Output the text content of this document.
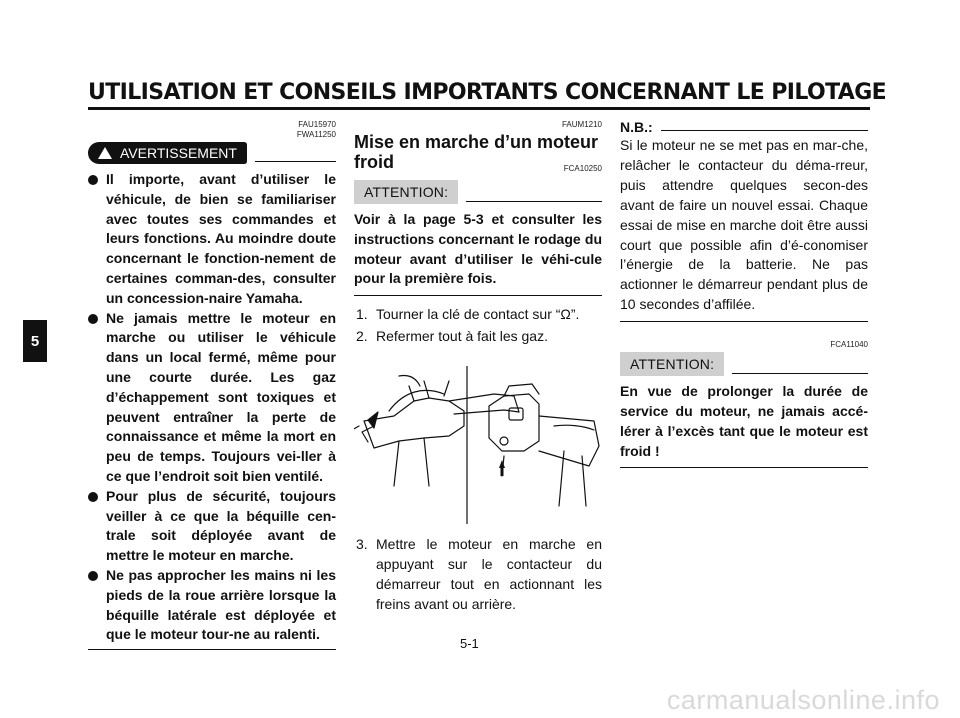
UTILISATION ET CONSEILS IMPORTANTS CONCERNANT LE PILOTAGE
5
FAU15970
FWA11250
AVERTISSEMENT
Il importe, avant d’utiliser le véhicule, de bien se familiariser avec toutes ses commandes et leurs fonctions. Au moindre doute concernant le fonction-nement de certaines comman-des, consulter un concession-naire Yamaha.
Ne jamais mettre le moteur en marche ou utiliser le véhicule dans un local fermé, même pour une courte durée. Les gaz d’échappement sont toxiques et peuvent entraîner la perte de connaissance et même la mort en peu de temps. Toujours vei-ller à ce que l’endroit soit bien ventilé.
Pour plus de sécurité, toujours veiller à ce que la béquille cen-trale soit déployée avant de mettre le moteur en marche.
Ne pas approcher les mains ni les pieds de la roue arrière lorsque la béquille latérale est déployée et que le moteur tour-ne au ralenti.
FAUM1210
Mise en marche d’un moteur froid	FCA10250
ATTENTION:

Voir à la page 5-3 et consulter les instructions concernant le rodage du moteur avant d’utiliser le véhi-cule pour la première fois.

1. Tourner la clé de contact sur “Ω”.
2. Refermer tout à fait les gaz.
3. Mettre le moteur en marche en appuyant sur le contacteur du démarreur tout en actionnant les freins avant ou arrière.
N.B.:

Si le moteur ne se met pas en mar-che, relâcher le contacteur du déma-rreur, puis attendre quelques secon-des avant de faire un nouvel essai. Chaque essai de mise en marche doit être aussi court que possible afin d’é-conomiser l’énergie de la batterie. Ne pas actionner le démarreur pendant plus de 10 secondes d’affilée.

FCA11040
ATTENTION:

En vue de prolonger la durée de service du moteur, ne jamais accé-lérer à l’excès tant que le moteur est froid !

5-1
carmanualsonline.info
